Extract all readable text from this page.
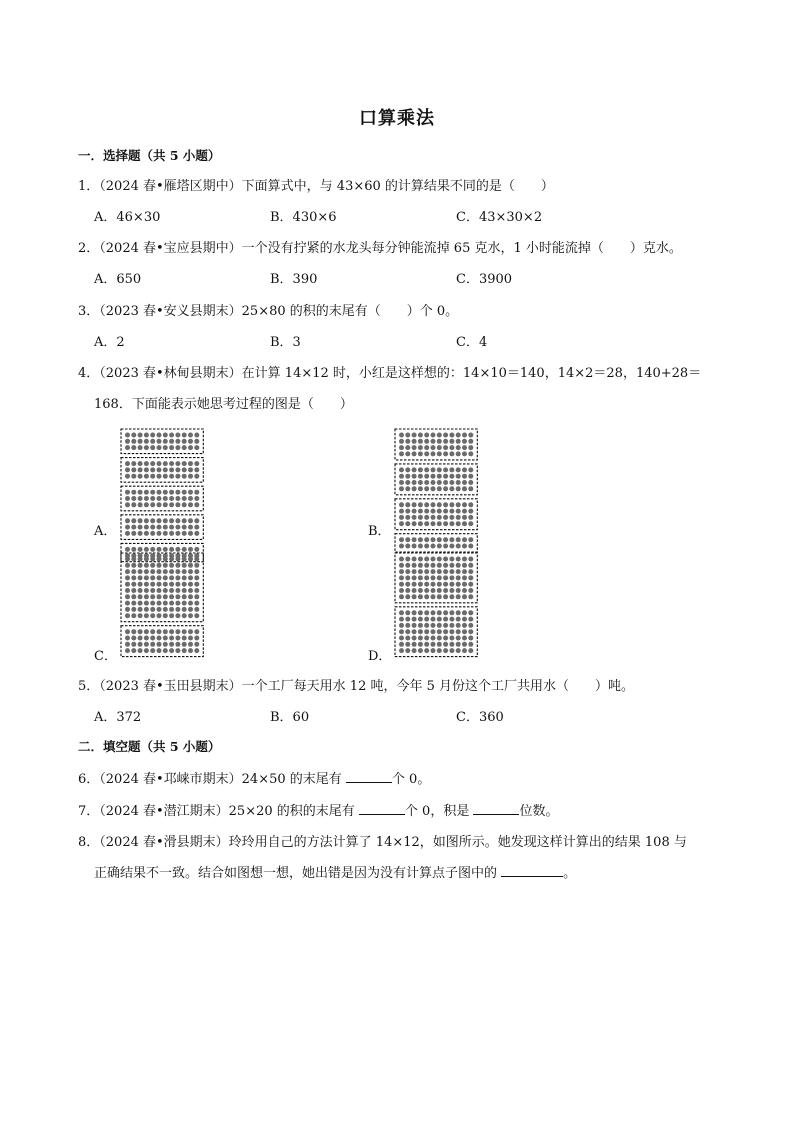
口算乘法
一．选择题（共 5 小题）
1．（2024 春•雁塔区期中）下面算式中，与 43×60 的计算结果不同的是（　　）
A．46×30	B．430×6	C．43×30×2
2．（2024 春•宝应县期中）一个没有拧紧的水龙头每分钟能流掉 65 克水，1 小时能流掉（　　）克水。
A．650	B．390	C．3900
3．（2023 春•安义县期末）25×80 的积的末尾有（　　）个 0。
A．2	B．3	C．4
4．（2023 春•林甸县期末）在计算 14×12 时，小红是这样想的：14×10＝140，14×2＝28，140+28＝
168．下面能表示她思考过程的图是（　　）
A．	B．
C．	D．
5．（2023 春•玉田县期末）一个工厂每天用水 12 吨，今年 5 月份这个工厂共用水（　　）吨。
A．372	B．60	C．360
二．填空题（共 5 小题）
6．（2024 春•邛崃市期末）24×50 的末尾有	个 0。
7．（2024 春•潜江期末）25×20 的积的末尾有	个 0，积是	位数。
8．（2024 春•滑县期末）玲玲用自己的方法计算了 14×12，如图所示。她发现这样计算出的结果 108 与
正确结果不一致。结合如图想一想，她出错是因为没有计算点子图中的	。
